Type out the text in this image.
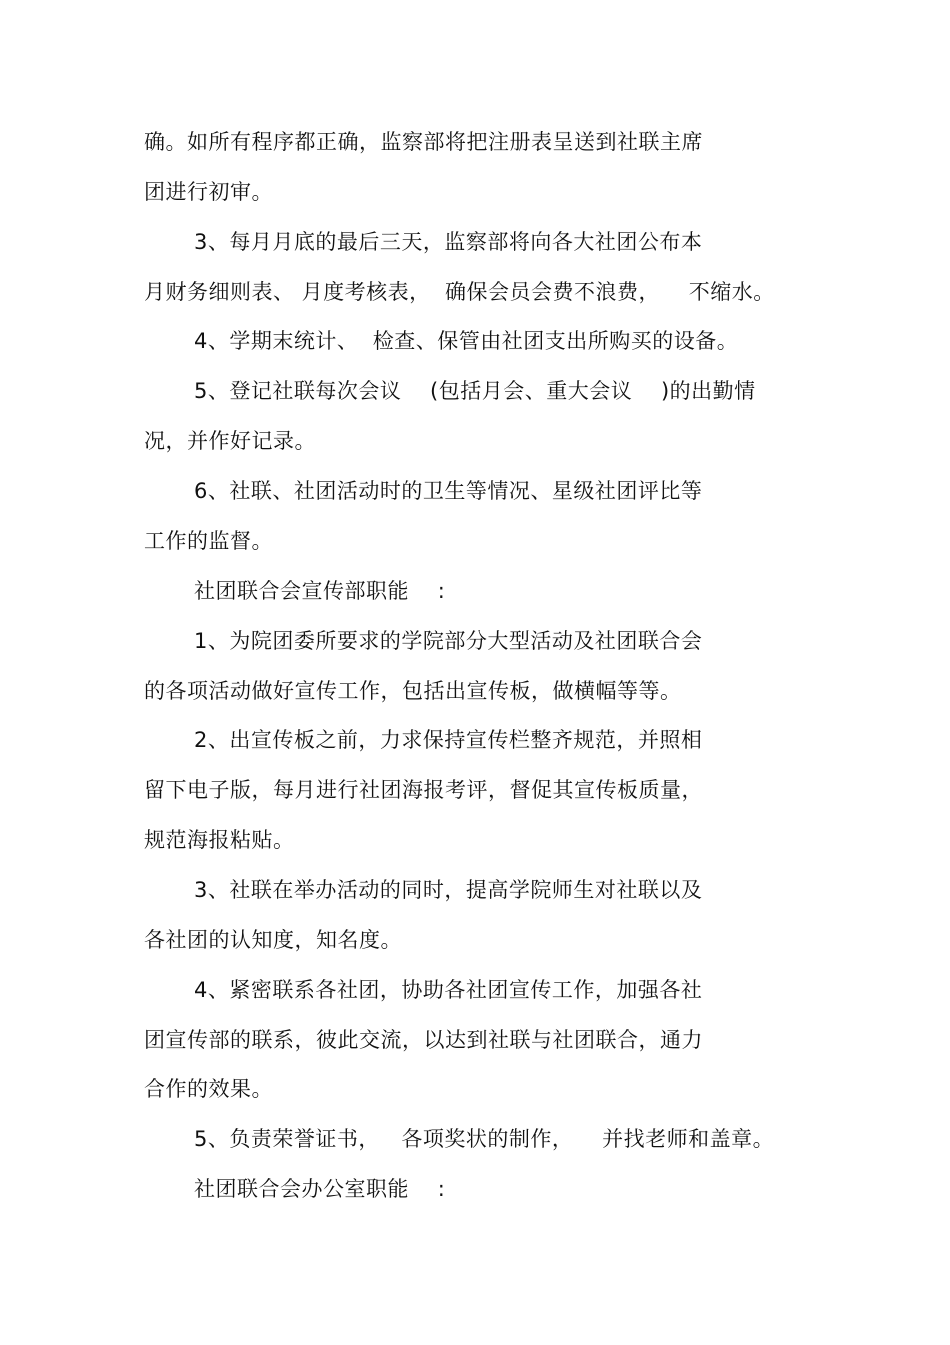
确。如所有程序都正确，监察部将把注册表呈送到社联主席
团进行初审。
3、每月月底的最后三天，监察部将向各大社团公布本
月财务细则表、 月度考核表，  确保会员会费不浪费，    不缩水。
4、学期末统计、  检查、保管由社团支出所购买的设备。
5、登记社联每次会议    (包括月会、重大会议    )的出勤情
况，并作好记录。
6、社联、社团活动时的卫生等情况、星级社团评比等
工作的监督。
社团联合会宣传部职能    :
1、为院团委所要求的学院部分大型活动及社团联合会
的各项活动做好宣传工作，包括出宣传板，做横幅等等。
2、出宣传板之前，力求保持宣传栏整齐规范，并照相
留下电子版，每月进行社团海报考评，督促其宣传板质量，
规范海报粘贴。
3、社联在举办活动的同时，提高学院师生对社联以及
各社团的认知度，知名度。
4、紧密联系各社团，协助各社团宣传工作，加强各社
团宣传部的联系，彼此交流，以达到社联与社团联合，通力
合作的效果。
5、负责荣誉证书，   各项奖状的制作，    并找老师和盖章。
社团联合会办公室职能    :
